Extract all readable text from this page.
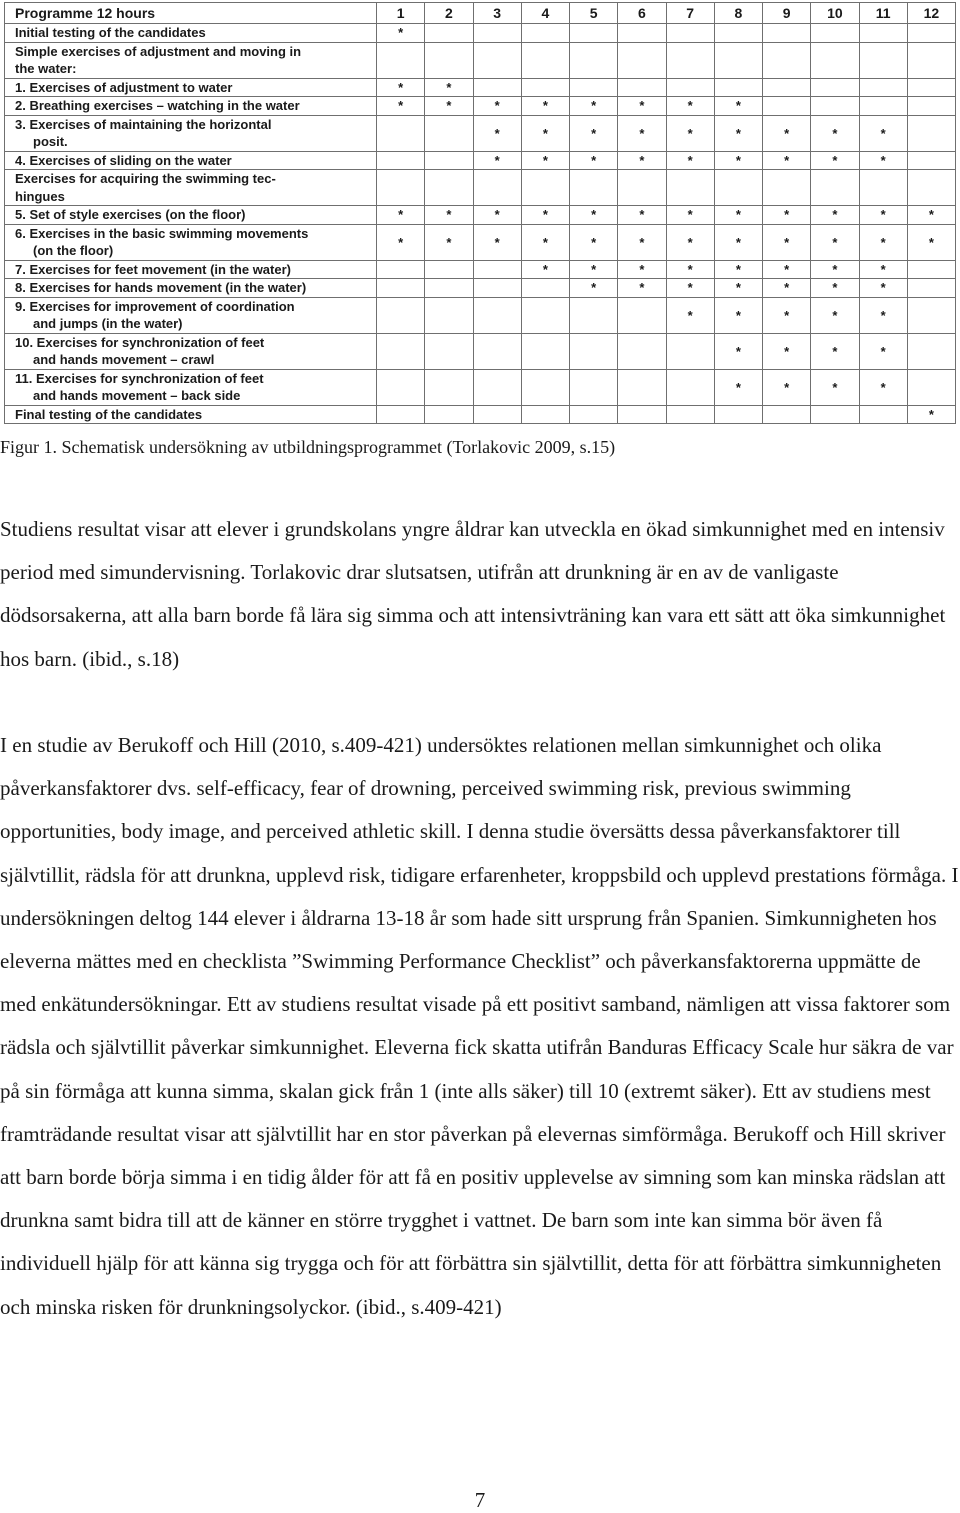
Programme 12 hours	1	2	3	4	5	6	7	8	9	10	11	12
Initial testing of the candidates	*											
Simple exercises of adjustment and moving in
the water:												

1. Exercises of adjustment to water	*	*										
2. Breathing exercises – watching in the water	*	*	*	*	*	*	*	*				
3. Exercises of maintaining the horizontal
posit.			*	*	*	*	*	*	*	*	*	
4. Exercises of sliding on the water			*	*	*	*	*	*	*	*	*	
Exercises for acquiring the swimming tec-
hingues												

5. Set of style exercises (on the floor)	*	*	*	*	*	*	*	*	*	*	*	*
6. Exercises in the basic swimming movements
(on the floor)	*	*	*	*	*	*	*	*	*	*	*	*
7. Exercises for feet movement (in the water)				*	*	*	*	*	*	*	*	
8. Exercises for hands movement (in the water)					*	*	*	*	*	*	*	
9. Exercises for improvement of coordination
and jumps (in the water)							*	*	*	*	*	
10. Exercises for synchronization of feet
and hands movement – crawl								*	*	*	*	
11. Exercises for synchronization of feet
and hands movement – back side								*	*	*	*	
Final testing of the candidates												*
Figur 1. Schematisk undersökning av utbildningsprogrammet (Torlakovic 2009, s.15)

Studiens resultat visar att elever i grundskolans yngre åldrar kan utveckla en ökad simkunnighet med en intensiv period med simundervisning. Torlakovic drar slutsatsen, utifrån att drunkning är en av de vanligaste dödsorsakerna, att alla barn borde få lära sig simma och att intensivträning kan vara ett sätt att öka simkunnighet hos barn. (ibid., s.18)

I en studie av Berukoff och Hill (2010, s.409-421) undersöktes relationen mellan simkunnighet och olika påverkansfaktorer dvs. self-efficacy, fear of drowning, perceived swimming risk, previous swimming opportunities, body image, and perceived athletic skill. I denna studie översätts dessa påverkansfaktorer till självtillit, rädsla för att drunkna, upplevd risk, tidigare erfarenheter, kroppsbild och upplevd prestations förmåga. I undersökningen deltog 144 elever i åldrarna 13-18 år som hade sitt ursprung från Spanien. Simkunnigheten hos eleverna mättes med en checklista ”Swimming Performance Checklist” och påverkansfaktorerna uppmätte de med enkätundersökningar. Ett av studiens resultat visade på ett positivt samband, nämligen att vissa faktorer som rädsla och självtillit påverkar simkunnighet. Eleverna fick skatta utifrån Banduras Efficacy Scale hur säkra de var på sin förmåga att kunna simma, skalan gick från 1 (inte alls säker) till 10 (extremt säker). Ett av studiens mest framträdande resultat visar att självtillit har en stor påverkan på elevernas simförmåga. Berukoff och Hill skriver att barn borde börja simma i en tidig ålder för att få en positiv upplevelse av simning som kan minska rädslan att drunkna samt bidra till att de känner en större trygghet i vattnet. De barn som inte kan simma bör även få individuell hjälp för att känna sig trygga och för att förbättra sin självtillit, detta för att förbättra simkunnigheten och minska risken för drunkningsolyckor. (ibid., s.409-421)

7
